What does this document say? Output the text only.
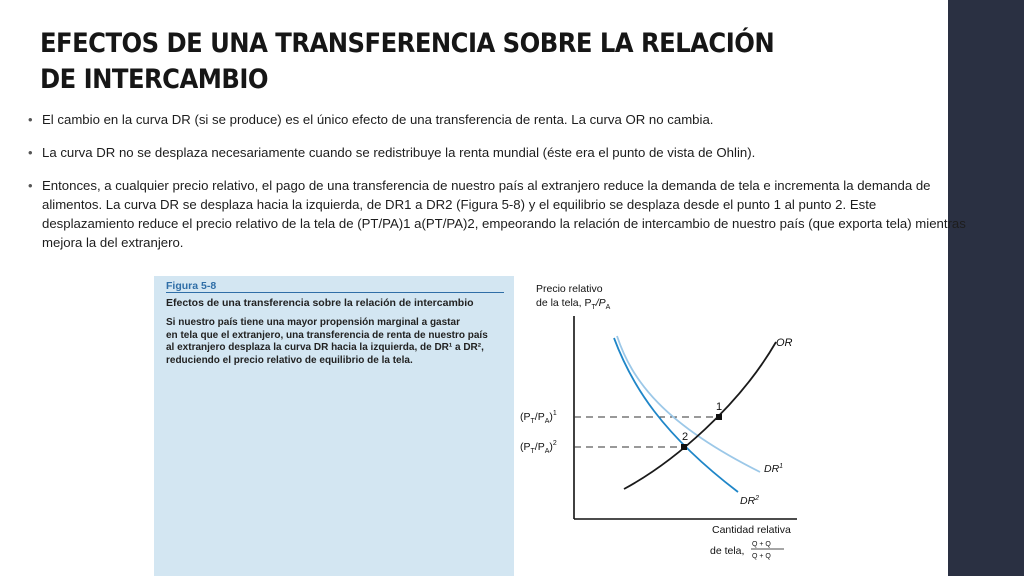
EFECTOS DE UNA TRANSFERENCIA SOBRE LA RELACIÓN
DE INTERCAMBIO
• El cambio en la curva DR (si se produce) es el único efecto de una transferencia de renta. La curva OR no cambia.
• La curva DR no se desplaza necesariamente cuando se redistribuye la renta mundial (éste era el punto de vista de Ohlin).
• Entonces, a cualquier precio relativo, el pago de una transferencia de nuestro país al extranjero reduce la demanda de tela e incrementa la demanda de alimentos. La curva DR se desplaza hacia la izquierda, de DR1 a DR2 (Figura 5-8) y el equilibrio se desplaza desde el punto 1 al punto 2. Este desplazamiento reduce el precio relativo de la tela de (PT/PA)1 a(PT/PA)2, empeorando la relación de intercambio de nuestro país (que exporta tela) mientras mejora la del extranjero.
Figura 5-8
Efectos de una transferencia sobre la relación de intercambio
Si nuestro país tiene una mayor propensión marginal a gastar
en tela que el extranjero, una transferencia de renta de nuestro país
al extranjero desplaza la curva DR hacia la izquierda, de DR¹ a DR²,
reduciendo el precio relativo de equilibrio de la tela.
Precio relativo
de la tela, $P_T/P_A$
1
2
OR
$DR^1$
$DR^2$
$(P_T/P_A)^1$
$(P_T/P_A)^2$
Cantidad relativa
de tela,
Q + Q
Q + Q
